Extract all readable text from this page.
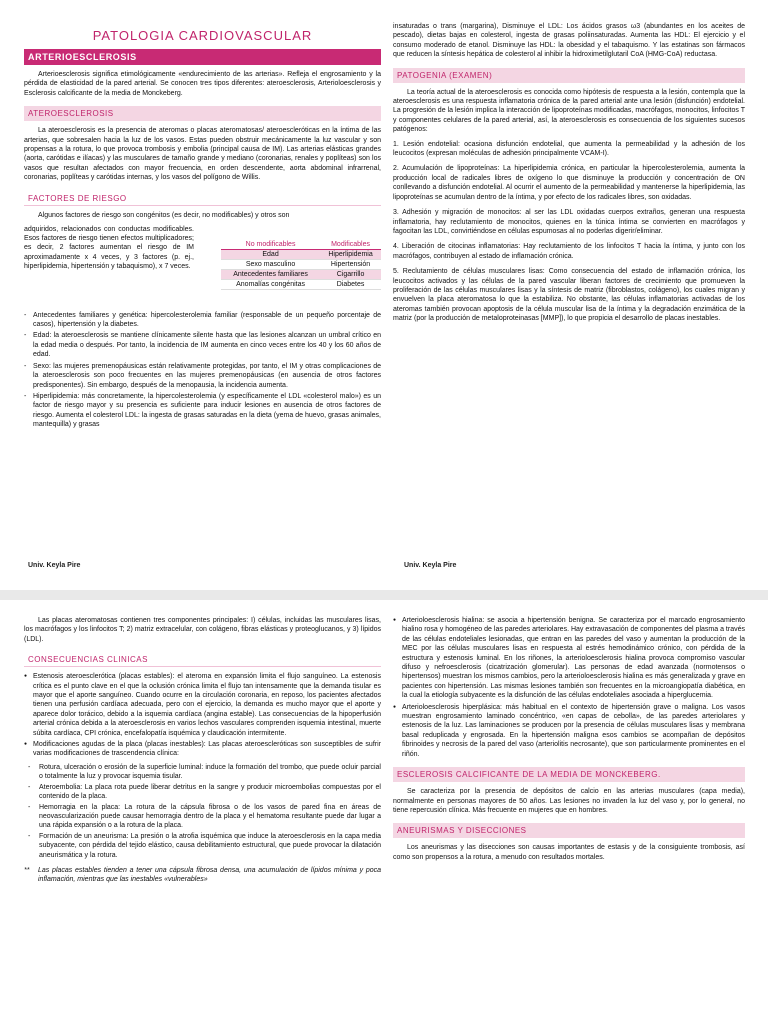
PATOLOGIA CARDIOVASCULAR
ARTERIOESCLEROSIS

Arterioesclerosis significa etimológicamente «endurecimiento de las arterias». Refleja el engrosamiento y la pérdida de elasticidad de la pared arterial. Se conocen tres tipos diferentes: ateroesclerosis, Arterioloesclerosis y Esclerosis calcificante de la media de Monckeberg.

ATEROESCLEROSIS

La ateroesclerosis es la presencia de ateromas o placas ateromatosas/ ateroescleróticas en la íntima de las arterias, que sobresalen hacia la luz de los vasos. Estas pueden obstruir mecánicamente la luz vascular y son propensas a la rotura, lo que provoca trombosis y embolia (principal causa de IM). Las arterias elásticas grandes (aorta, carótidas e ilíacas) y las musculares de tamaño grande y mediano (coronarias, renales y poplíteas) son los vasos que resultan afectados con mayor frecuencia, en orden descendente, aorta abdominal infrarrenal, coronarias, poplíteas y carótidas internas, y los vasos del polígono de Willis.

FACTORES DE RIESGO

Algunos factores de riesgo son congénitos (es decir, no modificables) y otros son

adquiridos, relacionados con conductas modificables. Esos factores de riesgo tienen efectos multiplicadores; es decir, 2 factores aumentan el riesgo de IM aproximadamente x 4 veces, y 3 factores (p. ej., hiperlipidemia, hipertensión y tabaquismo), x 7 veces.

No modificables	Modificables
Edad	Hiperlipidemia
Sexo masculino	Hipertensión
Antecedentes familiares	Cigarrillo
Anomalías congénitas	Diabetes
- Antecedentes familiares y genética: hipercolesterolemia familiar (responsable de un pequeño porcentaje de casos), hipertensión y la diabetes.
- Edad: la ateroesclerosis se mantiene clínicamente silente hasta que las lesiones alcanzan un umbral crítico en la edad media o después. Por tanto, la incidencia de IM aumenta en cinco veces entre los 40 y los 60 años de edad.
- Sexo: las mujeres premenopáusicas están relativamente protegidas, por tanto, el IM y otras complicaciones de la ateroesclerosis son poco frecuentes en las mujeres premenopáusicas (en ausencia de otros factores predisponentes). Sin embargo, después de la menopausia, la incidencia aumenta.
- Hiperlipidemia: más concretamente, la hipercolesterolemia (y específicamente el LDL «colesterol malo») es un factor de riesgo mayor y su presencia es suficiente para inducir lesiones en ausencia de otros factores de riesgo. Aumenta el colesterol LDL: la ingesta de grasas saturadas en la dieta (yema de huevo, grasas animales, mantequilla) y grasas

insaturadas o trans (margarina), Disminuye el LDL: Los ácidos grasos ω3 (abundantes en los aceites de pescado), dietas bajas en colesterol, ingesta de grasas poliinsaturadas. Aumenta las HDL: El ejercicio y el consumo moderado de etanol. Disminuye las HDL: la obesidad y el tabaquismo. Y las estatinas son fármacos que reducen la síntesis hepática de colesterol al inhibir la hidroximetilglutaril CoA (HMG-CoA) reductasa.

PATOGENIA (EXAMEN)

La teoría actual de la ateroesclerosis es conocida como hipótesis de respuesta a la lesión, contempla que la ateroesclerosis es una respuesta inflamatoria crónica de la pared arterial ante una lesión (disfunción) endotelial. La progresión de la lesión implica la interacción de lipoproteínas modificadas, macrófagos, monocitos, linfocitos T y componentes celulares de la pared arterial, así, la ateroesclerosis es consecuencia de los siguientes sucesos patógenos:

1. Lesión endotelial: ocasiona disfunción endotelial, que aumenta la permeabilidad y la adhesión de los leucocitos (expresan moléculas de adhesión principalmente VCAM-I).

2. Acumulación de lipoproteínas: La hiperlipidemia crónica, en particular la hipercolesterolemia, aumenta la producción local de radicales libres de oxígeno lo que disminuye la producción y concentración de ON conllevando a disfunción endotelial. Al ocurrir el aumento de la permeabilidad y mantenerse la hiperlipidemia, las lipoproteínas se acumulan dentro de la íntima, y por efecto de los radicales libres, son oxidadas.

3. Adhesión y migración de monocitos: al ser las LDL oxidadas cuerpos extraños, generan una respuesta inflamatoria, hay reclutamiento de monocitos, quienes en la túnica íntima se convierten en macrófagos y fagocitan las LDL, convirtiéndose en células espumosas al no poderlas digerir/eliminar.

4. Liberación de citocinas inflamatorias: Hay reclutamiento de los linfocitos T hacia la íntima, y junto con los macrófagos, contribuyen al estado de inflamación crónica.

5. Reclutamiento de células musculares lisas: Como consecuencia del estado de inflamación crónica, los leucocitos activados y las células de la pared vascular liberan factores de crecimiento que promueven la proliferación de las células musculares lisas y la síntesis de matriz (fibroblastos, colágeno), los cuales migran y envuelven la placa ateromatosa lo que la estabiliza. No obstante, las células inflamatorias activadas de los ateromas también provocan apoptosis de la célula muscular lisa de la íntima y la degradación enzimática de la matriz (por la producción de metaloproteinasas [MMP]), lo que propicia el desarrollo de placas inestables.

Univ. Keyla Pire	Univ. Keyla Pire

Las placas ateromatosas contienen tres componentes principales: I) células, incluidas las musculares lisas, los macrófagos y los linfocitos T; 2) matriz extracelular, con colágeno, fibras elásticas y proteoglucanos, y 3) lípidos (LDL).

CONSECUENCIAS CLINICAS
● Estenosis ateroesclerótica (placas estables): el ateroma en expansión limita el flujo sanguíneo. La estenosis crítica es el punto clave en el que la oclusión crónica limita el flujo tan intensamente que la demanda tisular es mayor que el aporte sanguíneo. Cuando ocurre en la circulación coronaria, en reposo, los pacientes afectados tienen una perfusión cardíaca adecuada, pero con el ejercicio, la demanda es mucho mayor que el aporte y aparece dolor torácico, debido a la isquemia cardíaca (angina estable). Las consecuencias de la hipoperfusión arterial crónica debida a la ateroesclerosis en varios lechos vasculares comprenden isquemia intestinal, muerte súbita cardíaca, CPI crónica, encefalopatía isquémica y claudicación intermitente.
● Modificaciones agudas de la placa (placas inestables): Las placas ateroescleróticas son susceptibles de sufrir varias modificaciones de trascendencia clínica:
- Rotura, ulceración o erosión de la superficie luminal: induce la formación del trombo, que puede ocluir parcial o totalmente la luz y provocar isquemia tisular.
- Ateroembolia: La placa rota puede liberar detritus en la sangre y producir microembolias compuestas por el contenido de la placa.
- Hemorragia en la placa: La rotura de la cápsula fibrosa o de los vasos de pared fina en áreas de neovascularización puede causar hemorragia dentro de la placa y el hematoma resultante puede dar lugar a una rápida expansión o a la rotura de la placa.
- Formación de un aneurisma: La presión o la atrofia isquémica que induce la ateroesclerosis en la capa media subyacente, con pérdida del tejido elástico, causa debilitamiento estructural, que puede provocar la dilatación aneurismática y la rotura.
** Las placas estables tienden a tener una cápsula fibrosa densa, una acumulación de lípidos mínima y poca inflamación, mientras que las inestables «vulnerables»
● Arterioloesclerosis hialina: se asocia a hipertensión benigna. Se caracteriza por el marcado engrosamiento hialino rosa y homogéneo de las paredes arteriolares. Hay extravasación de componentes del plasma a través de las células endoteliales lesionadas, que entran en las paredes del vaso y aumentan la producción de la MEC por las células musculares lisas en respuesta al estrés hemodinámico crónico, con pérdida de la estructura y estenosis luminal. En los riñones, la arterioloesclerosis hialina provoca compromiso vascular difuso y nefroesclerosis (cicatrización glomerular). Las personas de edad avanzada (normotensos o hipertensos) muestran los mismos cambios, pero la arterioloesclerosis hialina es más generalizada y grave en pacientes con hipertensión. Las mismas lesiones también son frecuentes en la microangiopatía diabética, en la cual la etiología subyacente es la disfunción de las células endoteliales asociada a hiperglucemia.
● Arterioloesclerosis hiperplásica: más habitual en el contexto de hipertensión grave o maligna. Los vasos muestran engrosamiento laminado concéntrico, «en capas de cebolla», de las paredes arteriolares y estenosis de la luz. Las laminaciones se producen por la presencia de células musculares lisas y membrana basal reduplicada y engrosada. En la hipertensión maligna esos cambios se acompañan de depósitos fibrinoides y necrosis de la pared del vaso (arteriolitis necrosante), que son particularmente prominentes en el riñón.
ESCLEROSIS CALCIFICANTE DE LA MEDIA DE MONCKEBERG.

Se caracteriza por la presencia de depósitos de calcio en las arterias musculares (capa media), normalmente en personas mayores de 50 años. Las lesiones no invaden la luz del vaso y, por lo general, no tiene repercusión clínica. Más frecuente en mujeres que en hombres.

ANEURISMAS Y DISECCIONES

Los aneurismas y las disecciones son causas importantes de estasis y de la consiguiente trombosis, así como son propensos a la rotura, a menudo con resultados mortales.
